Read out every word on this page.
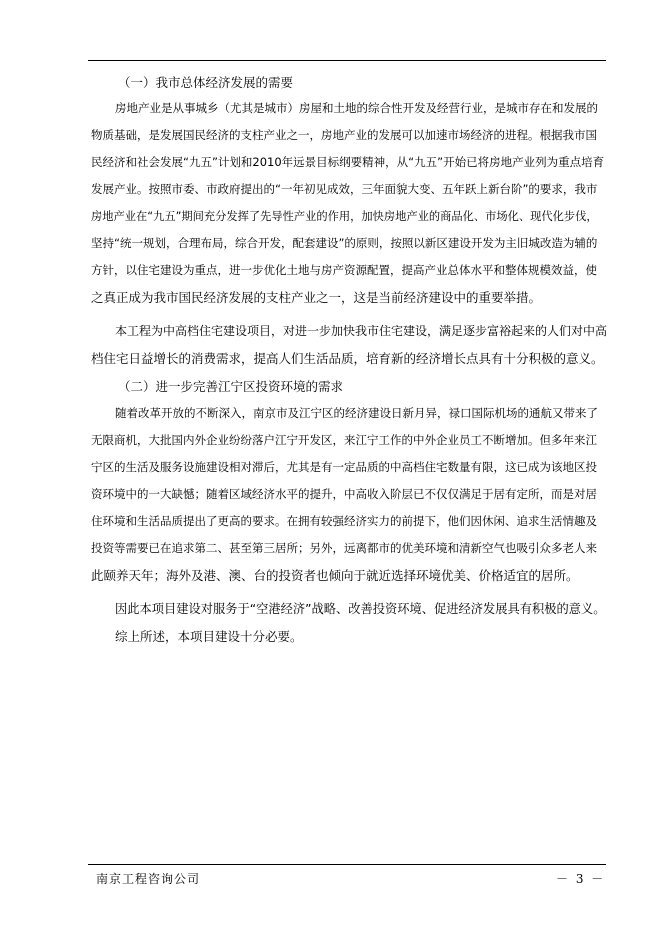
（一）我市总体经济发展的需要

房地产业是从事城乡（尤其是城市）房屋和土地的综合性开发及经营行业，是城市存在和发展的
物质基础，是发展国民经济的支柱产业之一，房地产业的发展可以加速市场经济的进程。根据我市国
民经济和社会发展“九五”计划和2010年远景目标纲要精神，从“九五”开始已将房地产业列为重点培育
发展产业。按照市委、市政府提出的“一年初见成效，三年面貌大变、五年跃上新台阶”的要求，我市
房地产业在“九五”期间充分发挥了先导性产业的作用，加快房地产业的商品化、市场化、现代化步伐，
坚持“统一规划，合理布局，综合开发，配套建设”的原则，按照以新区建设开发为主旧城改造为辅的
方针，以住宅建设为重点，进一步优化土地与房产资源配置，提高产业总体水平和整体规模效益，使
之真正成为我市国民经济发展的支柱产业之一，这是当前经济建设中的重要举措。

本工程为中高档住宅建设项目，对进一步加快我市住宅建设，满足逐步富裕起来的人们对中高
档住宅日益增长的消费需求，提高人们生活品质，培育新的经济增长点具有十分积极的意义。

（二）进一步完善江宁区投资环境的需求

随着改革开放的不断深入，南京市及江宁区的经济建设日新月异，禄口国际机场的通航又带来了
无限商机，大批国内外企业纷纷落户江宁开发区，来江宁工作的中外企业员工不断增加。但多年来江
宁区的生活及服务设施建设相对滞后，尤其是有一定品质的中高档住宅数量有限，这已成为该地区投
资环境中的一大缺憾；随着区域经济水平的提升，中高收入阶层已不仅仅满足于居有定所，而是对居
住环境和生活品质提出了更高的要求。在拥有较强经济实力的前提下，他们因休闲、追求生活情趣及
投资等需要已在追求第二、甚至第三居所；另外，远离都市的优美环境和清新空气也吸引众多老人来
此颐养天年；海外及港、澳、台的投资者也倾向于就近选择环境优美、价格适宜的居所。

因此本项目建设对服务于“空港经济”战略、改善投资环境、促进经济发展具有积极的意义。

综上所述，本项目建设十分必要。

南京工程咨询公司	－ 3 －
